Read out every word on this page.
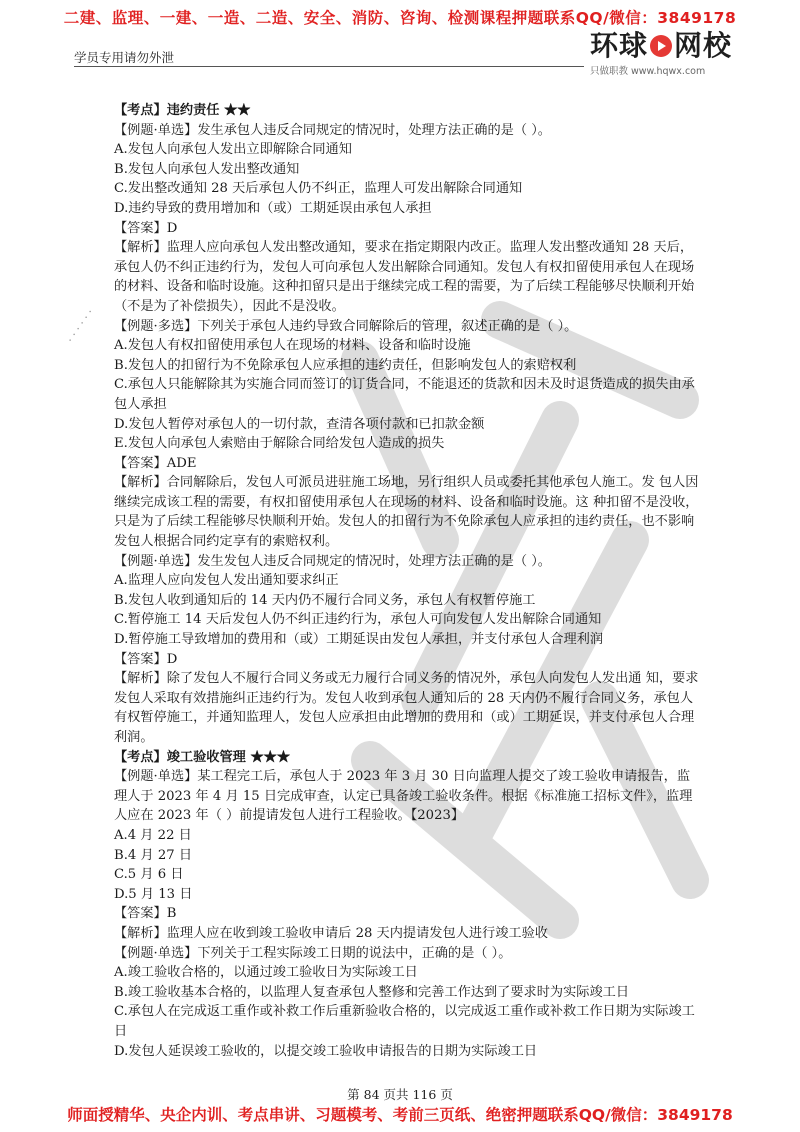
二建、监理、一建、一造、二造、安全、消防、咨询、检测课程押题联系QQ/微信：3849178
学员专用请勿外泄	环球 网校
只做职教 www.hqwx.com
· · · · · ·

【考点】违约责任 ★★

【例题·单选】发生承包人违反合同规定的情况时，处理方法正确的是（ ）。

A.发包人向承包人发出立即解除合同通知

B.发包人向承包人发出整改通知

C.发出整改通知 28 天后承包人仍不纠正，监理人可发出解除合同通知

D.违约导致的费用增加和（或）工期延误由承包人承担

【答案】D

【解析】监理人应向承包人发出整改通知，要求在指定期限内改正。监理人发出整改通知 28 天后，承包人仍不纠正违约行为，发包人可向承包人发出解除合同通知。发包人有权扣留使用承包人在现场的材料、设备和临时设施。这种扣留只是出于继续完成工程的需要，为了后续工程能够尽快顺利开始（不是为了补偿损失），因此不是没收。

【例题·多选】下列关于承包人违约导致合同解除后的管理，叙述正确的是（ ）。

A.发包人有权扣留使用承包人在现场的材料、设备和临时设施

B.发包人的扣留行为不免除承包人应承担的违约责任，但影响发包人的索赔权利

C.承包人只能解除其为实施合同而签订的订货合同，不能退还的货款和因未及时退货造成的损失由承包人承担

D.发包人暂停对承包人的一切付款，查清各项付款和已扣款金额

E.发包人向承包人索赔由于解除合同给发包人造成的损失

【答案】ADE

【解析】合同解除后，发包人可派员进驻施工场地，另行组织人员或委托其他承包人施工。发 包人因继续完成该工程的需要，有权扣留使用承包人在现场的材料、设备和临时设施。这 种扣留不是没收，只是为了后续工程能够尽快顺利开始。发包人的扣留行为不免除承包人应承担的违约责任，也不影响发包人根据合同约定享有的索赔权利。

【例题·单选】发生发包人违反合同规定的情况时，处理方法正确的是（ ）。

A.监理人应向发包人发出通知要求纠正

B.发包人收到通知后的 14 天内仍不履行合同义务，承包人有权暂停施工

C.暂停施工 14 天后发包人仍不纠正违约行为，承包人可向发包人发出解除合同通知

D.暂停施工导致增加的费用和（或）工期延误由发包人承担，并支付承包人合理利润

【答案】D

【解析】除了发包人不履行合同义务或无力履行合同义务的情况外，承包人向发包人发出通 知，要求发包人采取有效措施纠正违约行为。发包人收到承包人通知后的 28 天内仍不履行合同义务，承包人有权暂停施工，并通知监理人，发包人应承担由此增加的费用和（或）工期延误，并支付承包人合理利润。

【考点】竣工验收管理 ★★★

【例题·单选】某工程完工后，承包人于 2023 年 3 月 30 日向监理人提交了竣工验收申请报告，监理人于 2023 年 4 月 15 日完成审查，认定已具备竣工验收条件。根据《标准施工招标文件》，监理人应在 2023 年（ ）前提请发包人进行工程验收。【2023】

A.4 月 22 日

B.4 月 27 日

C.5 月 6 日

D.5 月 13 日

【答案】B

【解析】监理人应在收到竣工验收申请后 28 天内提请发包人进行竣工验收

【例题·单选】下列关于工程实际竣工日期的说法中，正确的是（ ）。

A.竣工验收合格的，以通过竣工验收日为实际竣工日

B.竣工验收基本合格的，以监理人复查承包人整修和完善工作达到了要求时为实际竣工日

C.承包人在完成返工重作或补救工作后重新验收合格的，以完成返工重作或补救工作日期为实际竣工日

D.发包人延误竣工验收的，以提交竣工验收申请报告的日期为实际竣工日

第 84 页共 116 页
师面授精华、央企内训、考点串讲、习题模考、考前三页纸、绝密押题联系QQ/微信：3849178
